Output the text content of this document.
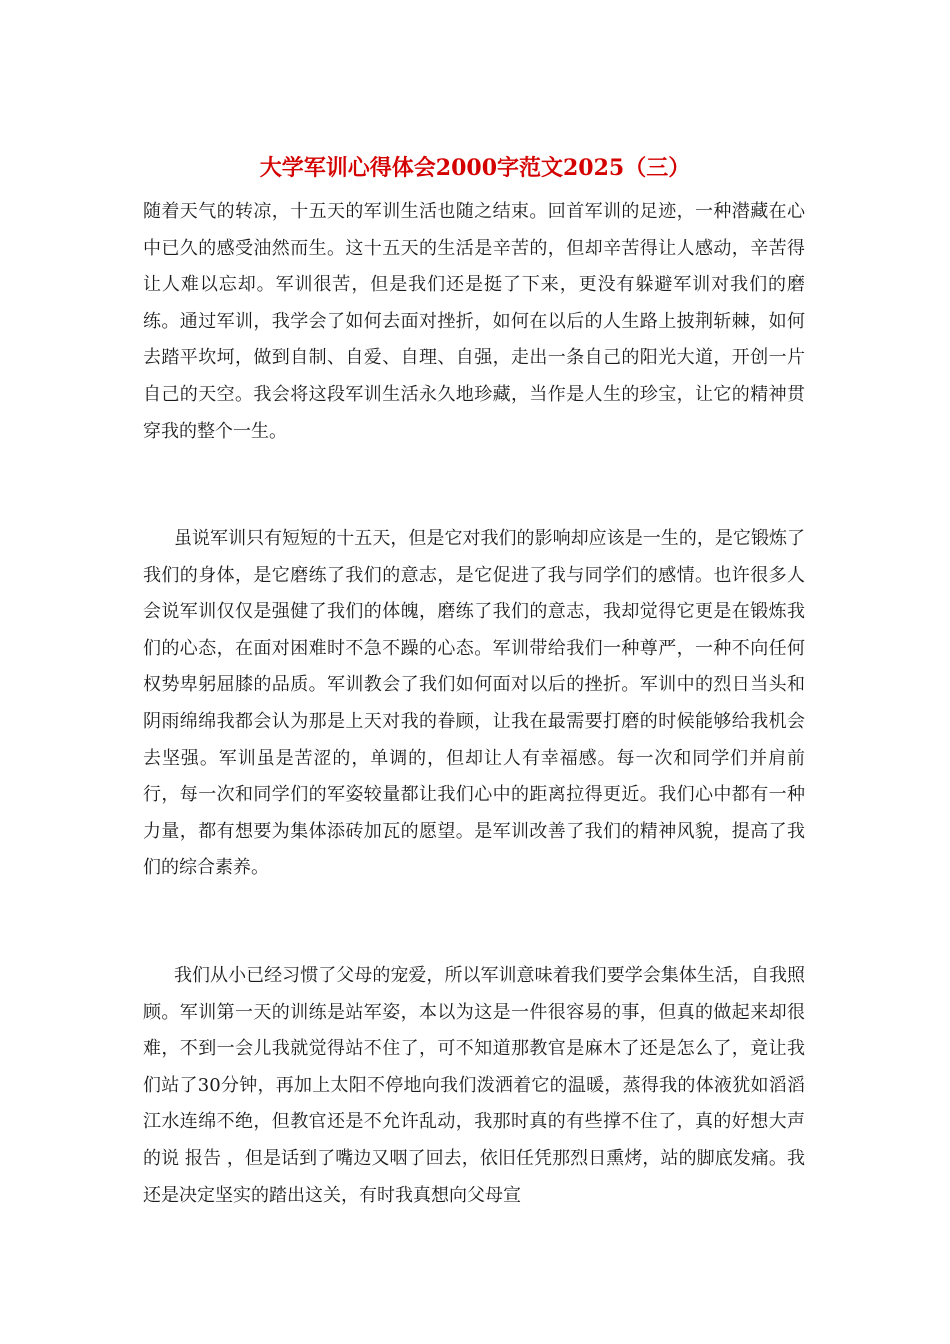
大学军训心得体会2000字范文2025（三）

随着天气的转凉，十五天的军训生活也随之结束。回首军训的足迹，一种潜藏在心中已久的感受油然而生。这十五天的生活是辛苦的，但却辛苦得让人感动，辛苦得让人难以忘却。军训很苦，但是我们还是挺了下来，更没有躲避军训对我们的磨练。通过军训，我学会了如何去面对挫折，如何在以后的人生路上披荆斩棘，如何去踏平坎坷，做到自制、自爱、自理、自强，走出一条自己的阳光大道，开创一片自己的天空。我会将这段军训生活永久地珍藏，当作是人生的珍宝，让它的精神贯穿我的整个一生。

虽说军训只有短短的十五天，但是它对我们的影响却应该是一生的，是它锻炼了我们的身体，是它磨练了我们的意志，是它促进了我与同学们的感情。也许很多人会说军训仅仅是强健了我们的体魄，磨练了我们的意志，我却觉得它更是在锻炼我们的心态，在面对困难时不急不躁的心态。军训带给我们一种尊严，一种不向任何权势卑躬屈膝的品质。军训教会了我们如何面对以后的挫折。军训中的烈日当头和阴雨绵绵我都会认为那是上天对我的眷顾，让我在最需要打磨的时候能够给我机会去坚强。军训虽是苦涩的，单调的，但却让人有幸福感。每一次和同学们并肩前行，每一次和同学们的军姿较量都让我们心中的距离拉得更近。我们心中都有一种力量，都有想要为集体添砖加瓦的愿望。是军训改善了我们的精神风貌，提高了我们的综合素养。

我们从小已经习惯了父母的宠爱，所以军训意味着我们要学会集体生活，自我照顾。军训第一天的训练是站军姿，本以为这是一件很容易的事，但真的做起来却很难，不到一会儿我就觉得站不住了，可不知道那教官是麻木了还是怎么了，竟让我们站了30分钟，再加上太阳不停地向我们泼洒着它的温暖，蒸得我的体液犹如滔滔江水连绵不绝，但教官还是不允许乱动，我那时真的有些撑不住了，真的好想大声的说 报告 ，但是话到了嘴边又咽了回去，依旧任凭那烈日熏烤，站的脚底发痛。我还是决定坚实的踏出这关，有时我真想向父母宣
